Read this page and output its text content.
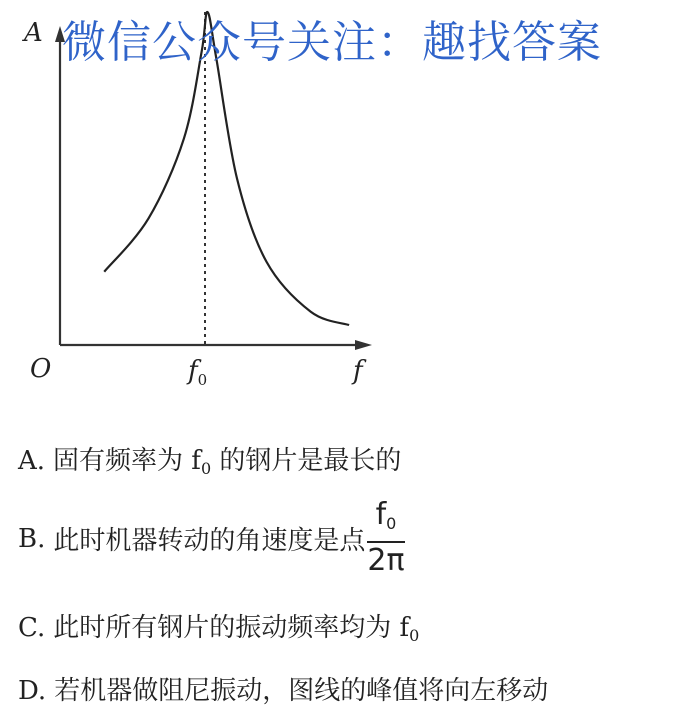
微信公众号关注：趣找答案
A
O	f
$f_0$
A. 固有频率为 f0 的钢片是最长的
B. 此时机器转动的角速度是点 $\frac{f0}{2\pi}$
C. 此时所有钢片的振动频率均为 f0
D. 若机器做阻尼振动，图线的峰值将向左移动
